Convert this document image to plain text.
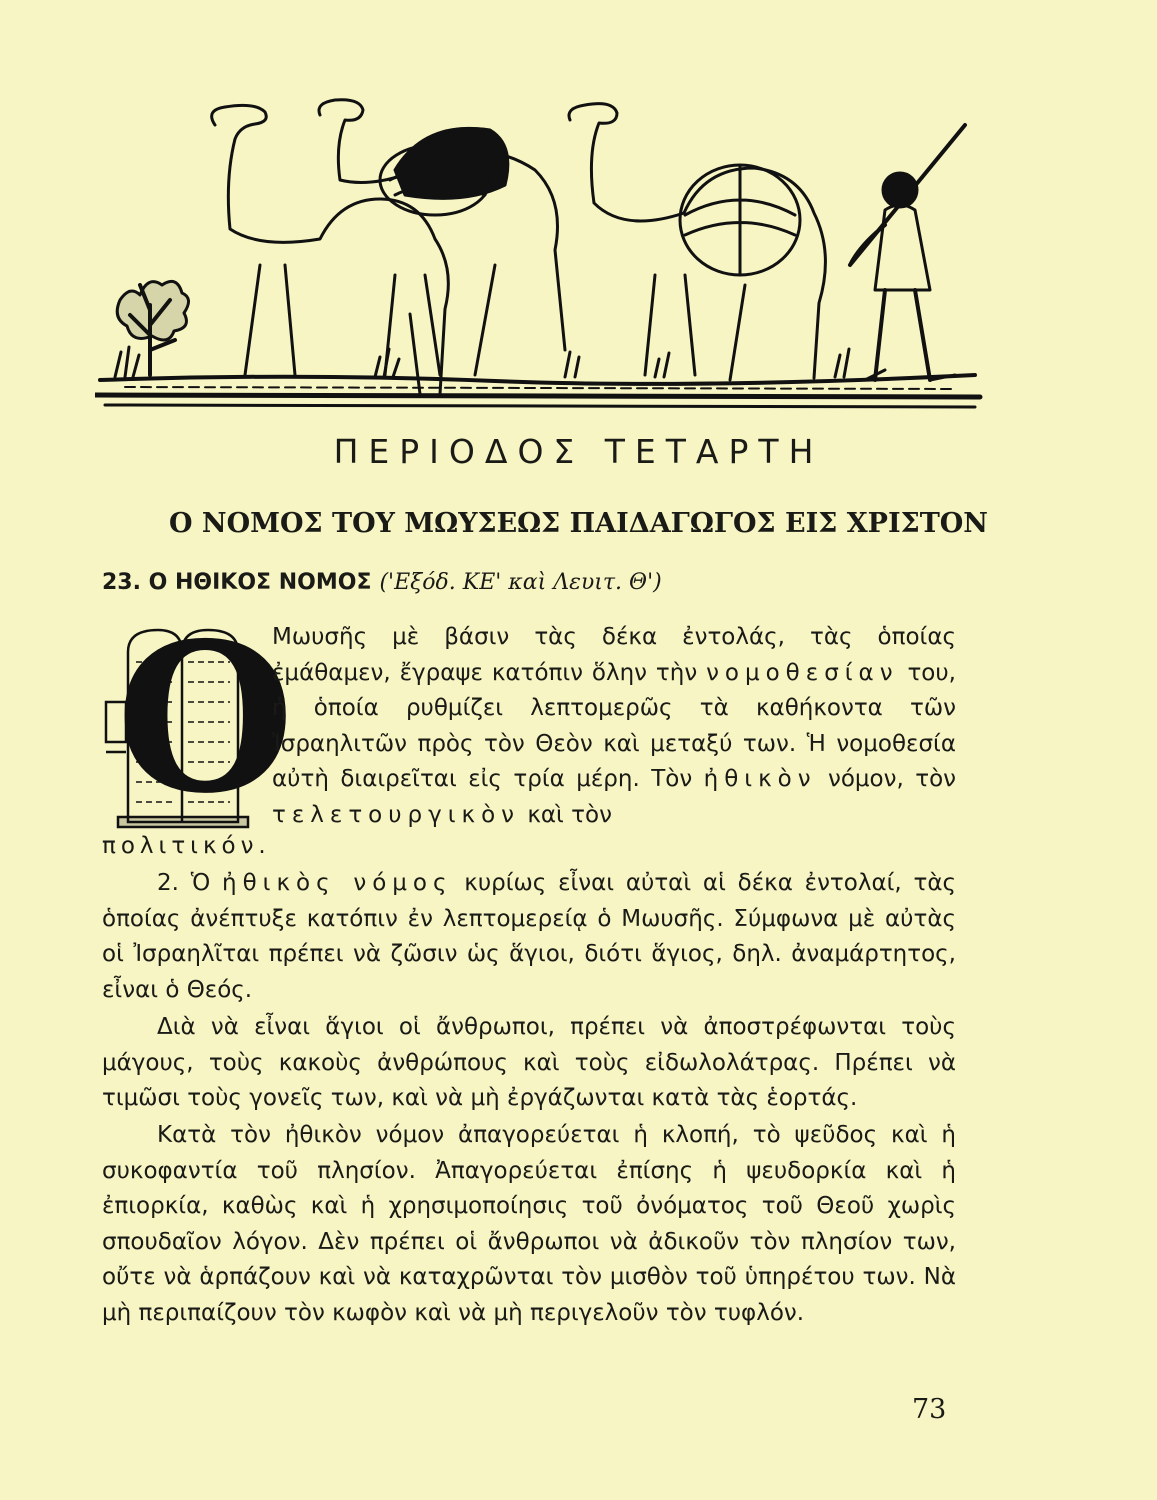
ΠΕΡΙΟΔΟΣ ΤΕΤΑΡΤΗ
Ο ΝΟΜΟΣ ΤΟΥ ΜΩΥΣΕΩΣ ΠΑΙΔΑΓΩΓΟΣ ΕΙΣ ΧΡΙΣΤΟΝ
23. Ο ΗΘΙΚΟΣ ΝΟΜΟΣ ('Εξόδ. ΚΕ' καὶ Λευιτ. Θ')
Ο
Μωυσῆς μὲ βάσιν τὰς δέκα ἐντολάς, τὰς ὁποίας ἐμάθαμεν, ἔγραψε κατόπιν ὅλην τὴν νομοθεσίαν του, ἡ ὁποία ρυθμίζει λεπτομερῶς τὰ καθήκοντα τῶν Ἰσραηλιτῶν πρὸς τὸν Θεὸν καὶ μεταξύ των. Ἡ νομοθεσία αὐτὴ διαιρεῖται εἰς τρία μέρη. Τὸν ἠθικὸν νόμον, τὸν τελετουργικὸν καὶ τὸν
πολιτικόν.
2. Ὁ ἠθικὸς νόμος κυρίως εἶναι αὐταὶ αἱ δέκα ἐντολαί, τὰς ὁποίας ἀνέπτυξε κατόπιν ἐν λεπτομερείᾳ ὁ Μωυσῆς. Σύμφωνα μὲ αὐτὰς οἱ Ἰσραηλῖται πρέπει νὰ ζῶσιν ὡς ἅγιοι, διότι ἅγιος, δηλ. ἀναμάρτητος, εἶναι ὁ Θεός.
Διὰ νὰ εἶναι ἅγιοι οἱ ἄνθρωποι, πρέπει νὰ ἀποστρέφωνται τοὺς μάγους, τοὺς κακοὺς ἀνθρώπους καὶ τοὺς εἰδωλολάτρας. Πρέπει νὰ τιμῶσι τοὺς γονεῖς των, καὶ νὰ μὴ ἐργάζωνται κατὰ τὰς ἑορτάς.
Κατὰ τὸν ἠθικὸν νόμον ἀπαγορεύεται ἡ κλοπή, τὸ ψεῦδος καὶ ἡ συκοφαντία τοῦ πλησίον. Ἀπαγορεύεται ἐπίσης ἡ ψευδορκία καὶ ἡ ἐπιορκία, καθὼς καὶ ἡ χρησιμοποίησις τοῦ ὀνόματος τοῦ Θεοῦ χωρὶς σπουδαῖον λόγον. Δὲν πρέπει οἱ ἄνθρωποι νὰ ἀδικοῦν τὸν πλησίον των, οὔτε νὰ ἁρπάζουν καὶ νὰ καταχρῶνται τὸν μισθὸν τοῦ ὑπηρέτου των. Νὰ μὴ περιπαίζουν τὸν κωφὸν καὶ νὰ μὴ περιγελοῦν τὸν τυφλόν.
73
